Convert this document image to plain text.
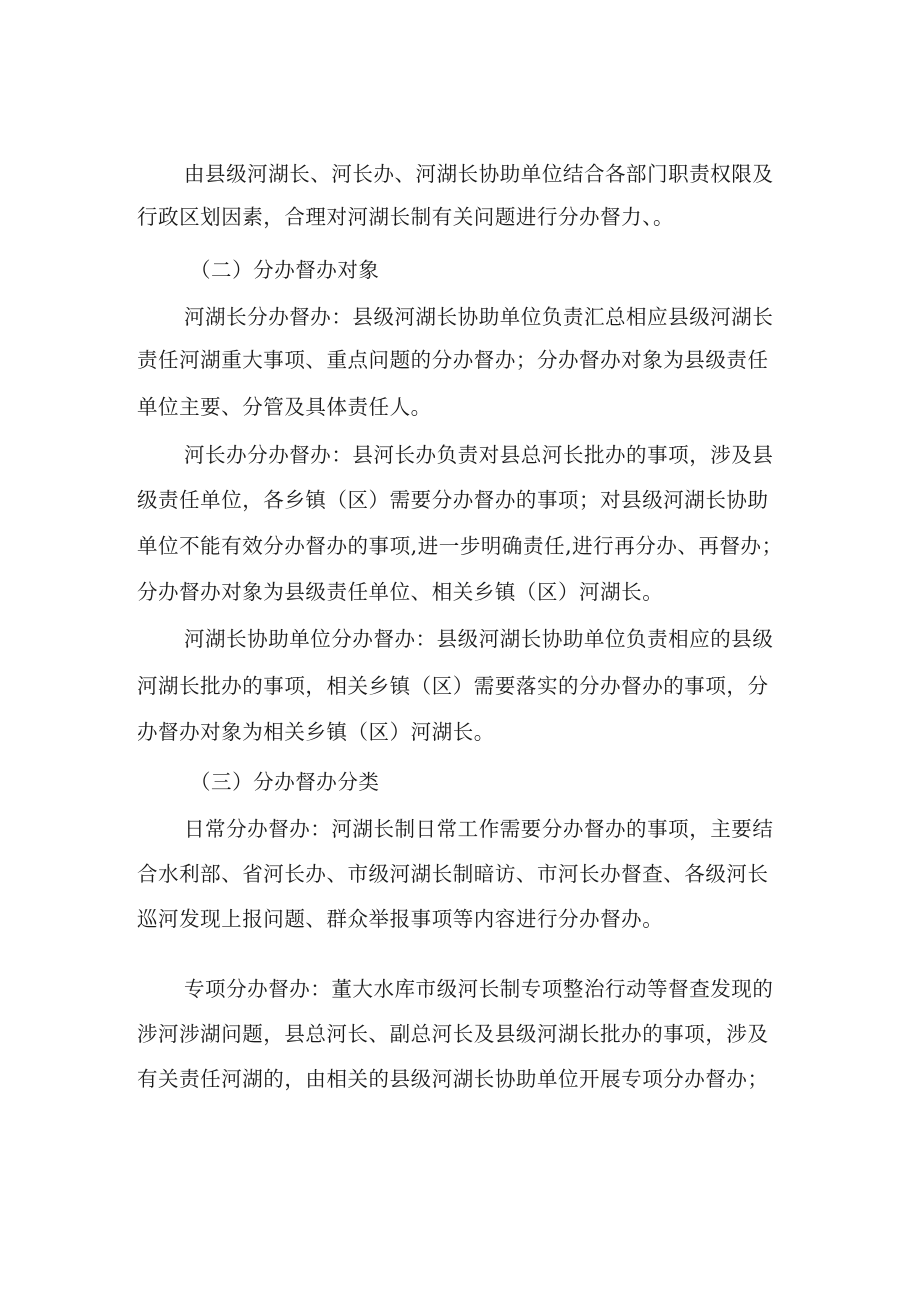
由县级河湖长、河长办、河湖长协助单位结合各部门职责权限及
行政区划因素，合理对河湖长制有关问题进行分办督力、。
（二）分办督办对象
河湖长分办督办：县级河湖长协助单位负责汇总相应县级河湖长
责任河湖重大事项、重点问题的分办督办；分办督办对象为县级责任
单位主要、分管及具体责任人。
河长办分办督办：县河长办负责对县总河长批办的事项，涉及县
级责任单位，各乡镇（区）需要分办督办的事项；对县级河湖长协助
单位不能有效分办督办的事项,进一步明确责任,进行再分办、再督办；
分办督办对象为县级责任单位、相关乡镇（区）河湖长。
河湖长协助单位分办督办：县级河湖长协助单位负责相应的县级
河湖长批办的事项，相关乡镇（区）需要落实的分办督办的事项，分
办督办对象为相关乡镇（区）河湖长。
（三）分办督办分类
日常分办督办：河湖长制日常工作需要分办督办的事项，主要结
合水利部、省河长办、市级河湖长制暗访、市河长办督查、各级河长
巡河发现上报问题、群众举报事项等内容进行分办督办。
专项分办督办：董大水库市级河长制专项整治行动等督查发现的
涉河涉湖问题，县总河长、副总河长及县级河湖长批办的事项，涉及
有关责任河湖的，由相关的县级河湖长协助单位开展专项分办督办；
